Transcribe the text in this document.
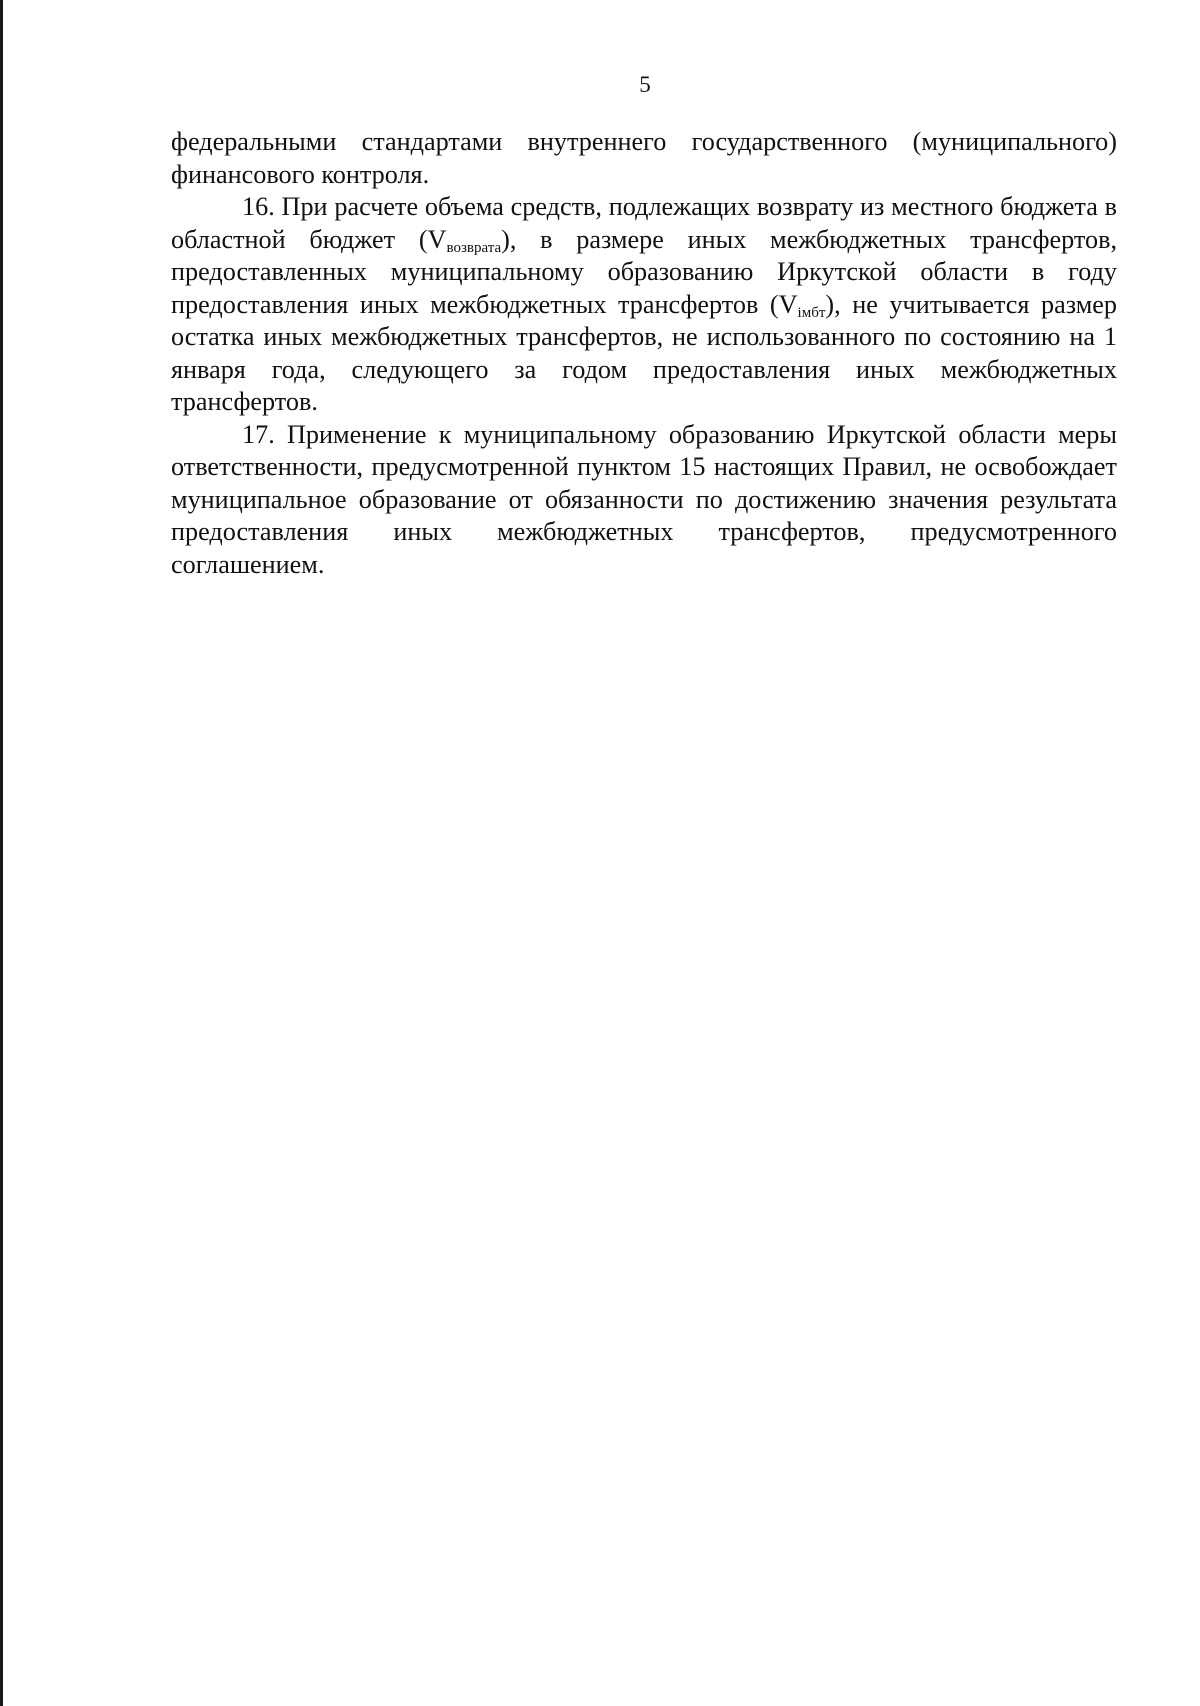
5

федеральными стандартами внутреннего государственного (муниципального) финансового контроля.

16. При расчете объема средств, подлежащих возврату из местного бюджета в областной бюджет $(V_{возврата})$, в размере иных межбюджетных трансфертов, предоставленных муниципальному образованию Иркутской области в году предоставления иных межбюджетных трансфертов $(V_{iмбт})$, не учитывается размер остатка иных межбюджетных трансфертов, не использованного по состоянию на 1 января года, следующего за годом предоставления иных межбюджетных трансфертов.

17. Применение к муниципальному образованию Иркутской области меры ответственности, предусмотренной пунктом 15 настоящих Правил, не освобождает муниципальное образование от обязанности по достижению значения результата предоставления иных межбюджетных трансфертов, предусмотренного соглашением.
